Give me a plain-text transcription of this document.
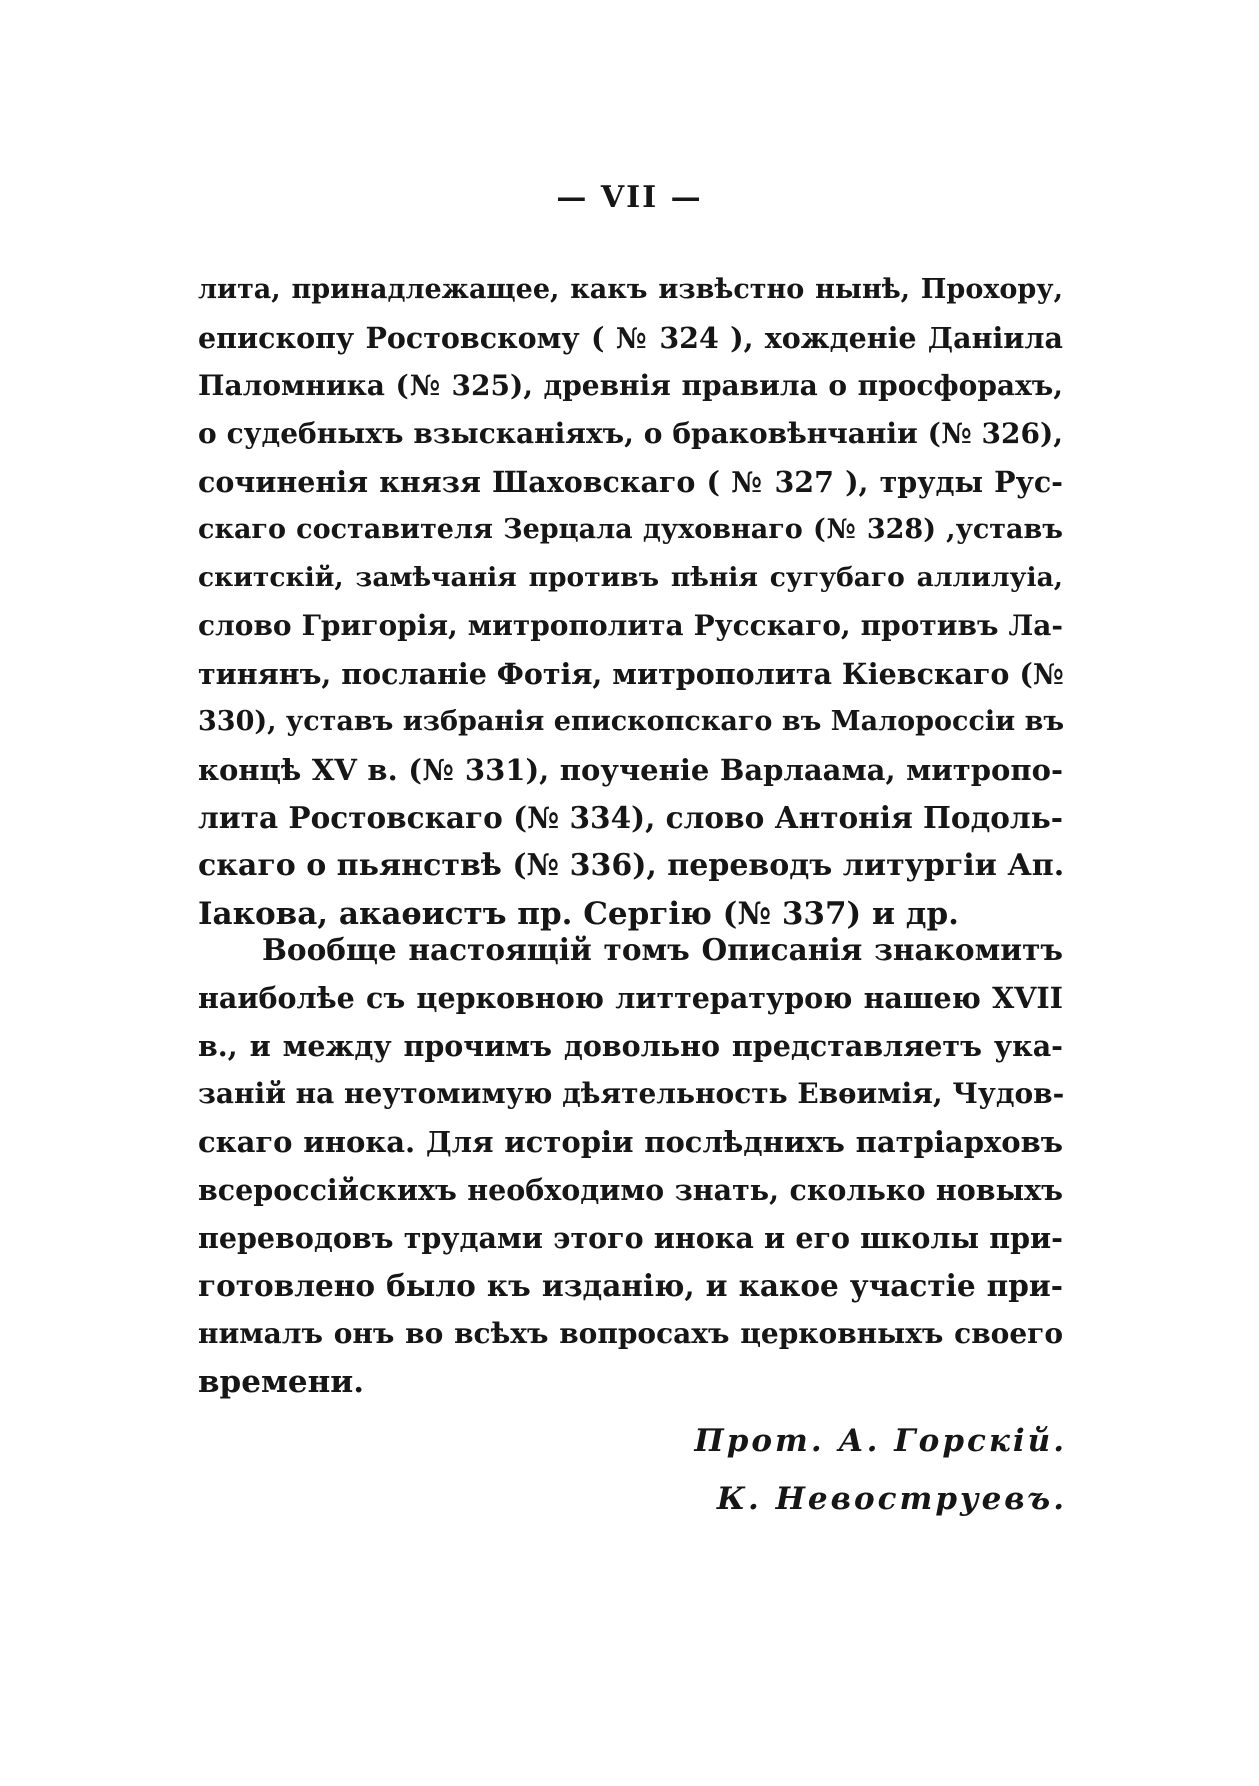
— VII —
лита, принадлежащее, какъ извѣстно нынѣ, Прохору,
епископу Ростовскому ( № 324 ), хожденіе Даніила
Паломника (№ 325), древнія правила о просфорахъ,
о судебныхъ взысканіяхъ, о браковѣнчаніи (№ 326),
сочиненія князя Шаховскаго ( № 327 ), труды Рус-
скаго составителя Зерцала духовнаго (№ 328) ,уставъ
скитскій, замѣчанія противъ пѣнія сугубаго аллилуіа,
слово Григорія, митрополита Русскаго, противъ Ла-
тинянъ, посланіе Фотія, митрополита Кіевскаго (№
330), уставъ избранія епископскаго въ Малороссіи въ
концѣ XV в. (№ 331), поученіе Варлаама, митропо-
лита Ростовскаго (№ 334), слово Антонія Подоль-
скаго о пьянствѣ (№ 336), переводъ литургіи Ап.
Іакова, акаѳистъ пр. Сергію (№ 337) и др.
Вообще настоящій томъ Описанія знакомитъ
наиболѣе съ церковною литтературою нашею XVII
в., и между прочимъ довольно представляетъ ука-
заній на неутомимую дѣятельность Евѳимія, Чудов-
скаго инока. Для исторіи послѣднихъ патріарховъ
всероссійскихъ необходимо знать, сколько новыхъ
переводовъ трудами этого инока и его школы при-
готовлено было къ изданію, и какое участіе при-
нималъ онъ во всѣхъ вопросахъ церковныхъ своего
времени.
Прот. А. Горскій.
К. Невоструевъ.
